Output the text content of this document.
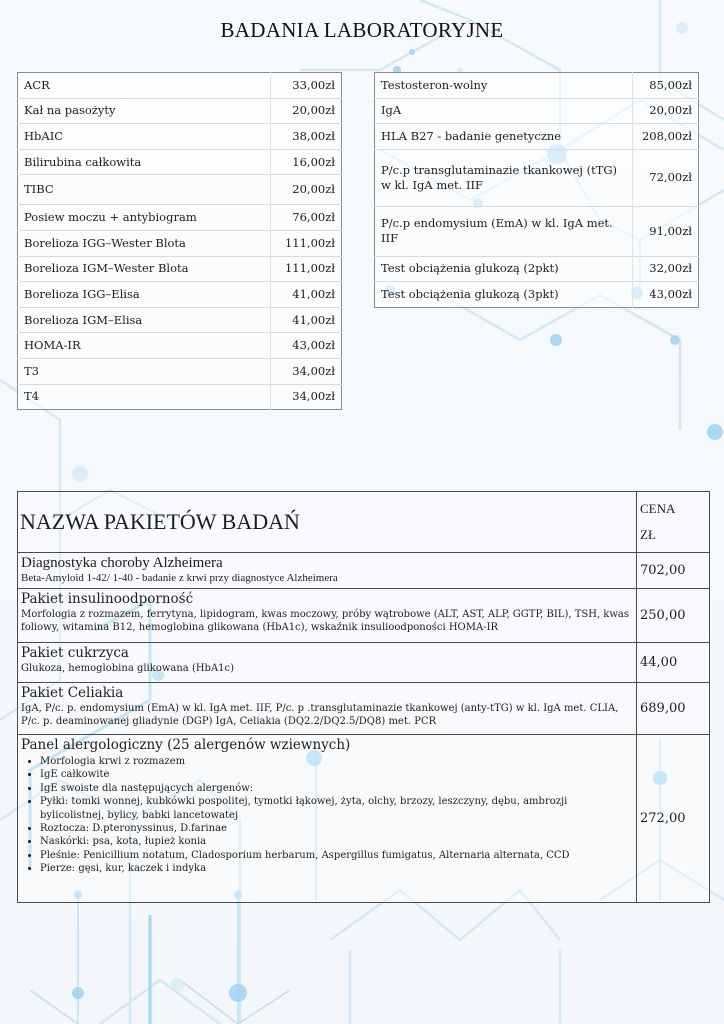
BADANIA LABORATORYJNE
ACR	33,00zł
Kał na pasożyty	20,00zł
HbAIC	38,00zł
Bilirubina całkowita	16,00zł
TIBC	20,00zł
Posiew moczu + antybiogram	76,00zł
Borelioza IGG–Wester Blota	111,00zł
Borelioza IGM–Wester Blota	111,00zł
Borelioza IGG–Elisa	41,00zł
Borelioza IGM–Elisa	41,00zł
HOMA-IR	43,00zł
T3	34,00zł
T4	34,00zł
Testosteron-wolny	85,00zł
IgA	20,00zł
HLA B27 - badanie genetyczne	208,00zł
P/c.p transglutaminazie tkankowej (tTG) w kl. IgA met. IIF	72,00zł
P/c.p endomysium (EmA) w kl. IgA met. IIF	91,00zł
Test obciążenia glukozą (2pkt)	32,00zł
Test obciążenia glukozą (3pkt)	43,00zł
NAZWA PAKIETÓW BADAŃ	CENA
ZŁ

Diagnostyka choroby Alzheimera
Beta-Amyloid 1-42/ 1-40 - badanie z krwi przy diagnostyce Alzheimera	702,00

Pakiet insulinoodporność
Morfologia z rozmazem, ferrytyna, lipidogram, kwas moczowy, próby wątrobowe (ALT, AST, ALP, GGTP, BIL), TSH, kwas foliowy, witamina B12, hemoglobina glikowana (HbA1c), wskaźnik insulioodponości HOMA-IR	250,00

Pakiet cukrzyca
Glukoza, hemoglobina glikowana (HbA1c)	44,00

Pakiet Celiakia
IgA, P/c. p. endomysium (EmA) w kl. IgA met. IIF, P/c. p .transglutaminazie tkankowej (anty-tTG) w kl. IgA met. CLIA, P/c. p. deaminowanej gliadynie (DGP) IgA, Celiakia (DQ2.2/DQ2.5/DQ8) met. PCR	689,00

Panel alergologiczny (25 alergenów wziewnych)
• Morfologia krwi z rozmazem
• IgE całkowite
• IgE swoiste dla następujących alergenów:
• Pyłki: tomki wonnej, kubkówki pospolitej, tymotki łąkowej, żyta, olchy, brzozy, leszczyny, dębu, ambrozji bylicolistnej, bylicy, babki lancetowatej
• Roztocza: D.pteronyssinus, D.farinae
• Naskórki: psa, kota, łupież konia
• Pleśnie: Penicillium notatum, Cladosporium herbarum, Aspergillus fumigatus, Alternaria alternata, CCD
• Pierze: gęsi, kur, kaczek i indyka
	272,00
